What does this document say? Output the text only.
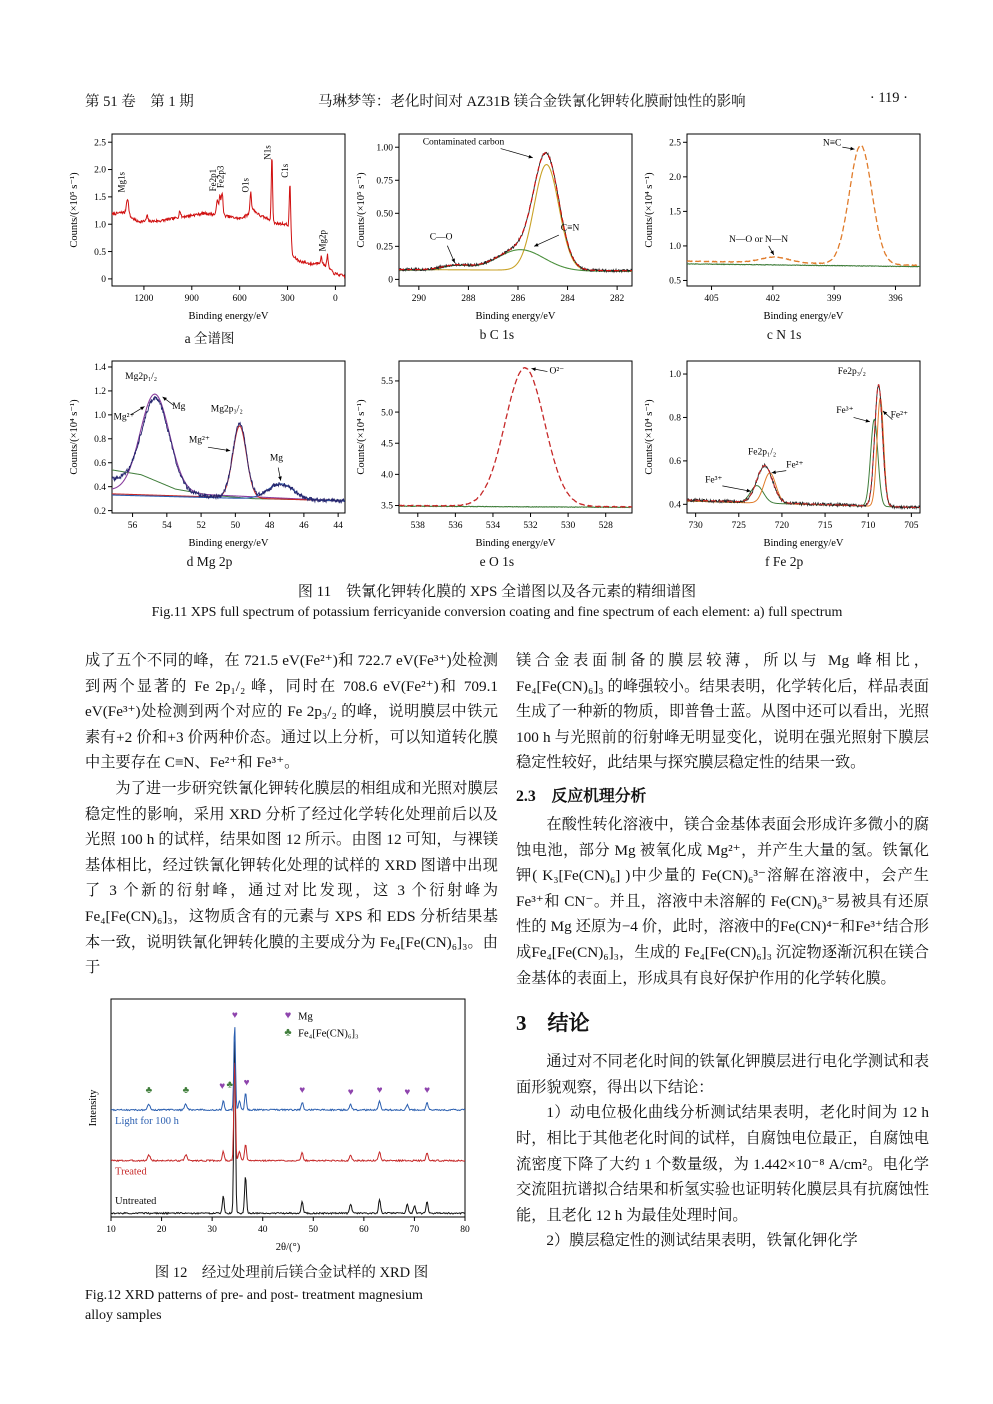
第 51 卷　第 1 期	马琳梦等：老化时间对 AZ31B 镁合金铁氰化钾转化膜耐蚀性的影响	· 119 ·
1200	900	600	300	0
0
0.5
1.0
1.5
2.0
2.5
Binding energy/eV
Counts/(×10⁵ s⁻¹)	Mg1s	Fe2p1
Fe2p3 O1s
N1s
C1s
Mg2p
a 全谱图
290	288	286	284	282
0
0.25
0.50
0.75
1.00
Binding energy/eV
Counts/(×10⁵ s⁻¹)
Contaminated carbon
C—O
C≡N
b C 1s
405	402	399	396
0.5
1.0
1.5
2.0
2.5
Binding energy/eV
Counts/(×10⁴ s⁻¹)
N≡C
N—O or N—N
c N 1s
56	54	52	50	48	46	44
0.2
0.4
0.6
0.8
1.0
1.2
1.4
Binding energy/eV
Counts/(×10⁴ s⁻¹)
Mg2p₁/₂
Mg²⁺
Mg
Mg²⁺
Mg2p₃/₂
Mg
d Mg 2p
538 536 534 532 530 528
3.5
4.0
4.5
5.0
5.5
Binding energy/eV
Counts/(×10⁴ s⁻¹)
O²⁻
e O 1s
730	725	720	715	710	705
0.4
0.6
0.8
1.0
Binding energy/eV
Counts/(×10⁴ s⁻¹)
Fe³⁺
Fe2p₁/₂
Fe²⁺
Fe2p₃/₂
Fe³⁺	Fe²⁺
f Fe 2p
图 11　铁氰化钾转化膜的 XPS 全谱图以及各元素的精细谱图
Fig.11 XPS full spectrum of potassium ferricyanide conversion coating and fine spectrum of each element: a) full spectrum

成了五个不同的峰，在 721.5 eV(Fe²⁺)和 722.7 eV(Fe³⁺)处检测到两个显著的 Fe 2p₁/₂ 峰，同时在 708.6 eV(Fe²⁺)和 709.1 eV(Fe³⁺)处检测到两个对应的 Fe 2p₃/₂ 的峰，说明膜层中铁元素有+2 价和+3 价两种价态。通过以上分析，可以知道转化膜中主要存在 C≡N、Fe²⁺和 Fe³⁺。

为了进一步研究铁氰化钾转化膜层的相组成和光照对膜层稳定性的影响，采用 XRD 分析了经过化学转化处理前后以及光照 100 h 的试样，结果如图 12 所示。由图 12 可知，与裸镁基体相比，经过铁氰化钾转化处理的试样的 XRD 图谱中出现了 3 个新的衍射峰，通过对比发现，这 3 个衍射峰为 Fe₄[Fe(CN)₆]₃，这物质含有的元素与 XPS 和 EDS 分析结果基本一致，说明铁氰化钾转化膜的主要成分为 Fe₄[Fe(CN)₆]₃。由于

10	20	30	40	50	60	70	80
2θ/(°)
Intensity
♥
♥ ♥
♥	♥ ♥ ♥ ♥
♣	♣
♣
♥ Mg
♣ Fe₄[Fe(CN)₆]₃
Light for 100 h
Treated
Untreated
图 12　经过处理前后镁合金试样的 XRD 图
Fig.12 XRD patterns of pre- and post- treatment magnesium
alloy samples

镁合金表面制备的膜层较薄，所以与 Mg 峰相比，Fe₄[Fe(CN)₆]₃ 的峰强较小。结果表明，化学转化后，样品表面生成了一种新的物质，即普鲁士蓝。从图中还可以看出，光照 100 h 与光照前的衍射峰无明显变化，说明在强光照射下膜层稳定性较好，此结果与探究膜层稳定性的结果一致。

2.3　反应机理分析

在酸性转化溶液中，镁合金基体表面会形成许多微小的腐蚀电池，部分 Mg 被氧化成 Mg²⁺，并产生大量的氢。铁氰化钾( K₃[Fe(CN)₆] )中少量的 Fe(CN)₆³⁻溶解在溶液中，会产生 Fe³⁺和 CN⁻。并且，溶液中未溶解的 Fe(CN)₆³⁻易被具有还原性的 Mg 还原为−4 价，此时，溶液中的Fe(CN)⁴⁻和Fe³⁺结合形成Fe₄[Fe(CN)₆]₃，生成的 Fe₄[Fe(CN)₆]₃ 沉淀物逐渐沉积在镁合金基体的表面上，形成具有良好保护作用的化学转化膜。

3　结论

通过对不同老化时间的铁氰化钾膜层进行电化学测试和表面形貌观察，得出以下结论：

1）动电位极化曲线分析测试结果表明，老化时间为 12 h 时，相比于其他老化时间的试样，自腐蚀电位最正，自腐蚀电流密度下降了大约 1 个数量级，为 1.442×10⁻⁸ A/cm²。电化学交流阻抗谱拟合结果和析氢实验也证明转化膜层具有抗腐蚀性能，且老化 12 h 为最佳处理时间。

2）膜层稳定性的测试结果表明，铁氰化钾化学
